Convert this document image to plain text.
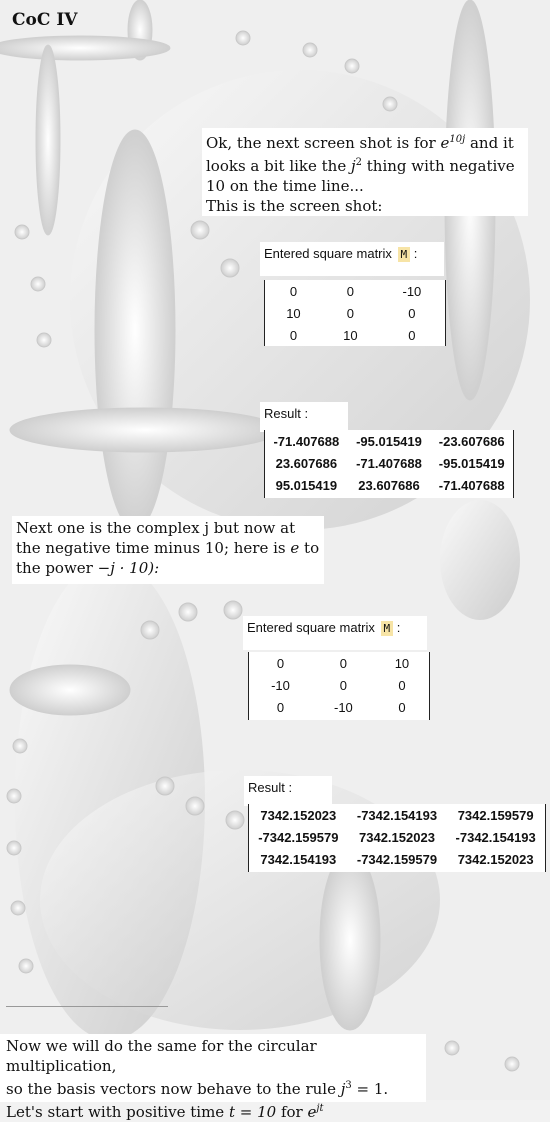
CoC IV
Ok, the next screen shot is for $e^{10j}$ and it looks a bit like the $j^2$ thing with negative 10 on the time line...
This is the screen shot:
Entered square matrix M :
0	0	-10
10	0	0
0	10	0
Result :
-71.407688	-95.015419	-23.607686
23.607686	-71.407688	-95.015419
95.015419	23.607686	-71.407688
Next one is the complex j but now at the negative time minus 10; here is e to the power −j · 10):
Entered square matrix M :
0	0	10
-10	0	0
0	-10	0
Result :
7342.152023	-7342.154193	7342.159579
-7342.159579	7342.152023	-7342.154193
7342.154193	-7342.159579	7342.152023
Now we will do the same for the circular multiplication,
so the basis vectors now behave to the rule $j^3 = 1$.
Let's start with positive time t = 10 for $e^{jt}$
